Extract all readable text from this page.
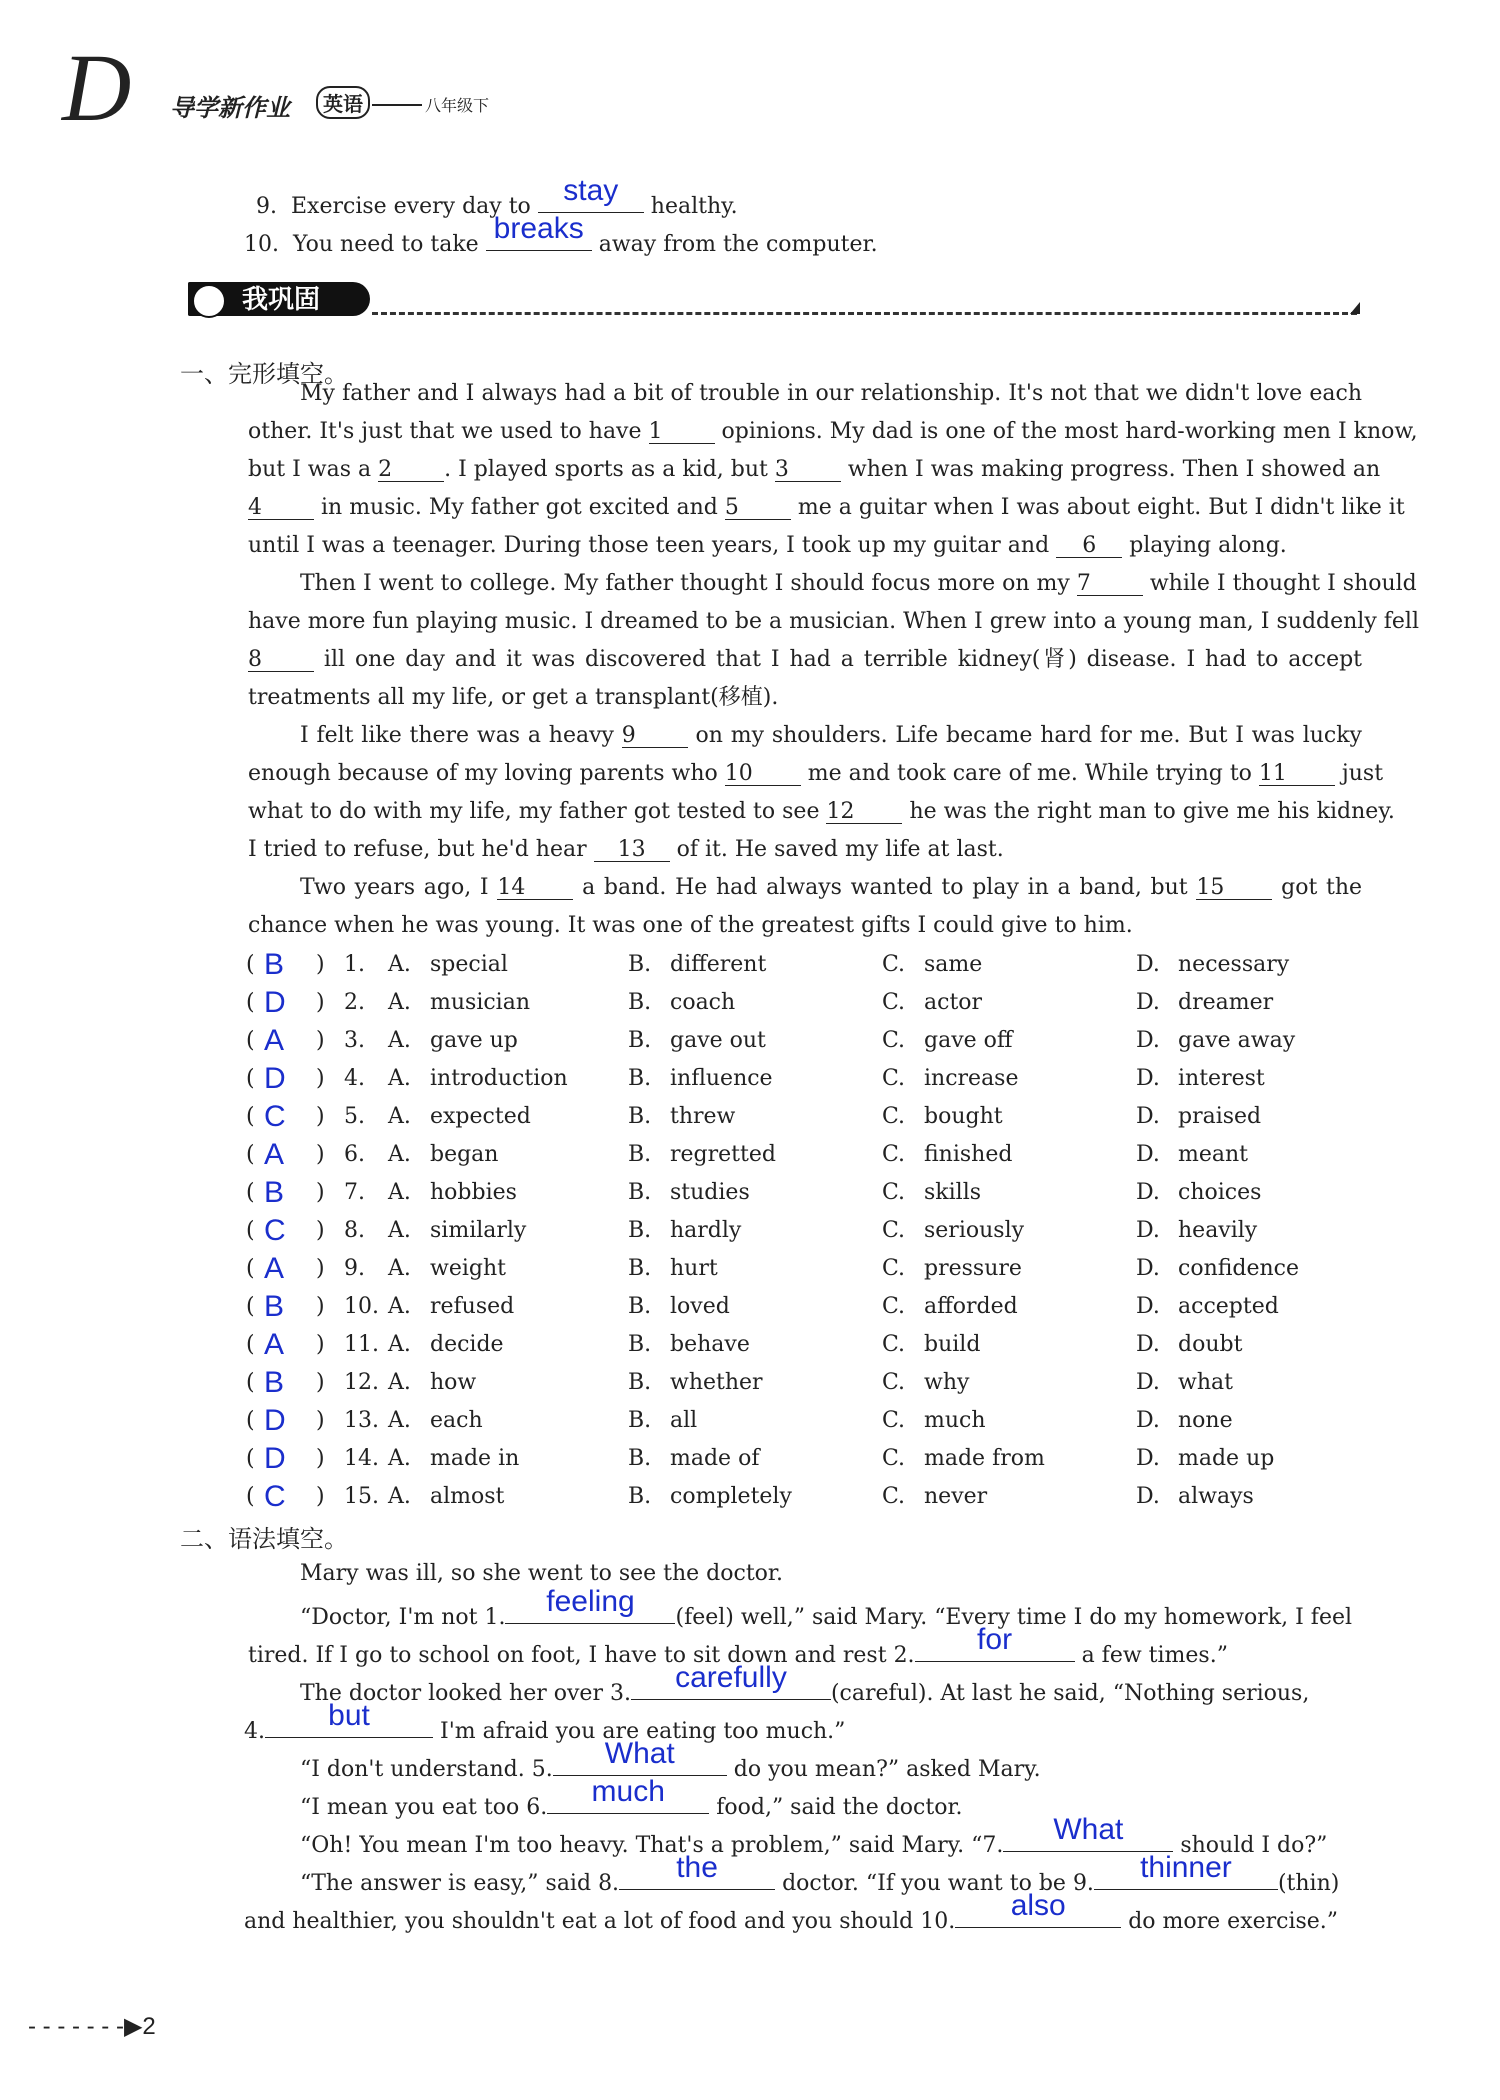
D 导学新作业	英语	八年级下
9. Exercise every day to	stay	healthy.
10. You need to take breaks away from the computer.
我巩固
一、完形填空。
My father and I always had a bit of trouble in our relationship. It's not that we didn't love each
other. It's just that we used to have 1	opinions. My dad is one of the most hard-working men I know,
but I was a 2 . I played sports as a kid, but 3	when I was making progress. Then I showed an
4	in music. My father got excited and 5	me a guitar when I was about eight. But I didn't like it
until I was a teenager. During those teen years, I took up my guitar and 6 playing along.
Then I went to college. My father thought I should focus more on my 7	while I thought I should
have more fun playing music. I dreamed to be a musician. When I grew into a young man, I suddenly fell
8	ill one day and it was discovered that I had a terrible kidney(肾) disease. I had to accept
treatments all my life, or get a transplant(移植).
I felt like there was a heavy 9	on my shoulders. Life became hard for me. But I was lucky
enough because of my loving parents who 10	me and took care of me. While trying to 11	just
what to do with my life, my father got tested to see 12	he was the right man to give me his kidney.
I tried to refuse, but he'd hear 13 of it. He saved my life at last.
Two years ago, I 14	a band. He had always wanted to play in a band, but 15	got the
chance when he was young. It was one of the greatest gifts I could give to him.
( B ) 1. A. special	B. different	C. same	D. necessary
( D ) 2. A. musician	B. coach	C. actor	D. dreamer
( A ) 3. A. gave up	B. gave out	C. gave off	D. gave away
( D ) 4. A. introduction	B. influence	C. increase	D. interest
( C ) 5. A. expected	B. threw	C. bought	D. praised
( A ) 6. A. began	B. regretted	C. finished	D. meant
( B ) 7. A. hobbies	B. studies	C. skills	D. choices
( C ) 8. A. similarly	B. hardly	C. seriously	D. heavily
( A ) 9. A. weight	B. hurt	C. pressure	D. confidence
( B ) 10. A. refused	B. loved	C. afforded	D. accepted
( A ) 11. A. decide	B. behave	C. build	D. doubt
( B ) 12. A. how	B. whether	C. why	D. what
( D ) 13. A. each	B. all	C. much	D. none
( D ) 14. A. made in	B. made of	C. made from	D. made up
( C ) 15. A. almost	B. completely	C. never	D. always
二、语法填空。
Mary was ill, so she went to see the doctor.
“Doctor, I'm not 1.	feeling	(feel) well,” said Mary. “Every time I do my homework, I feel
tired. If I go to school on foot, I have to sit down and rest 2.	for	a few times.”
The doctor looked her over 3.	carefully	(careful). At last he said, “Nothing serious,
4.	but	I'm afraid you are eating too much.”
“I don't understand. 5.	What	do you mean?” asked Mary.
“I mean you eat too 6.	much	food,” said the doctor.
“Oh! You mean I'm too heavy. That's a problem,” said Mary. “7.	What	should I do?”
“The answer is easy,” said 8.	the	doctor. “If you want to be 9.	thinner	(thin)
and healthier, you shouldn't eat a lot of food and you should 10.	also	do more exercise.”
- - - - - - -▶2
